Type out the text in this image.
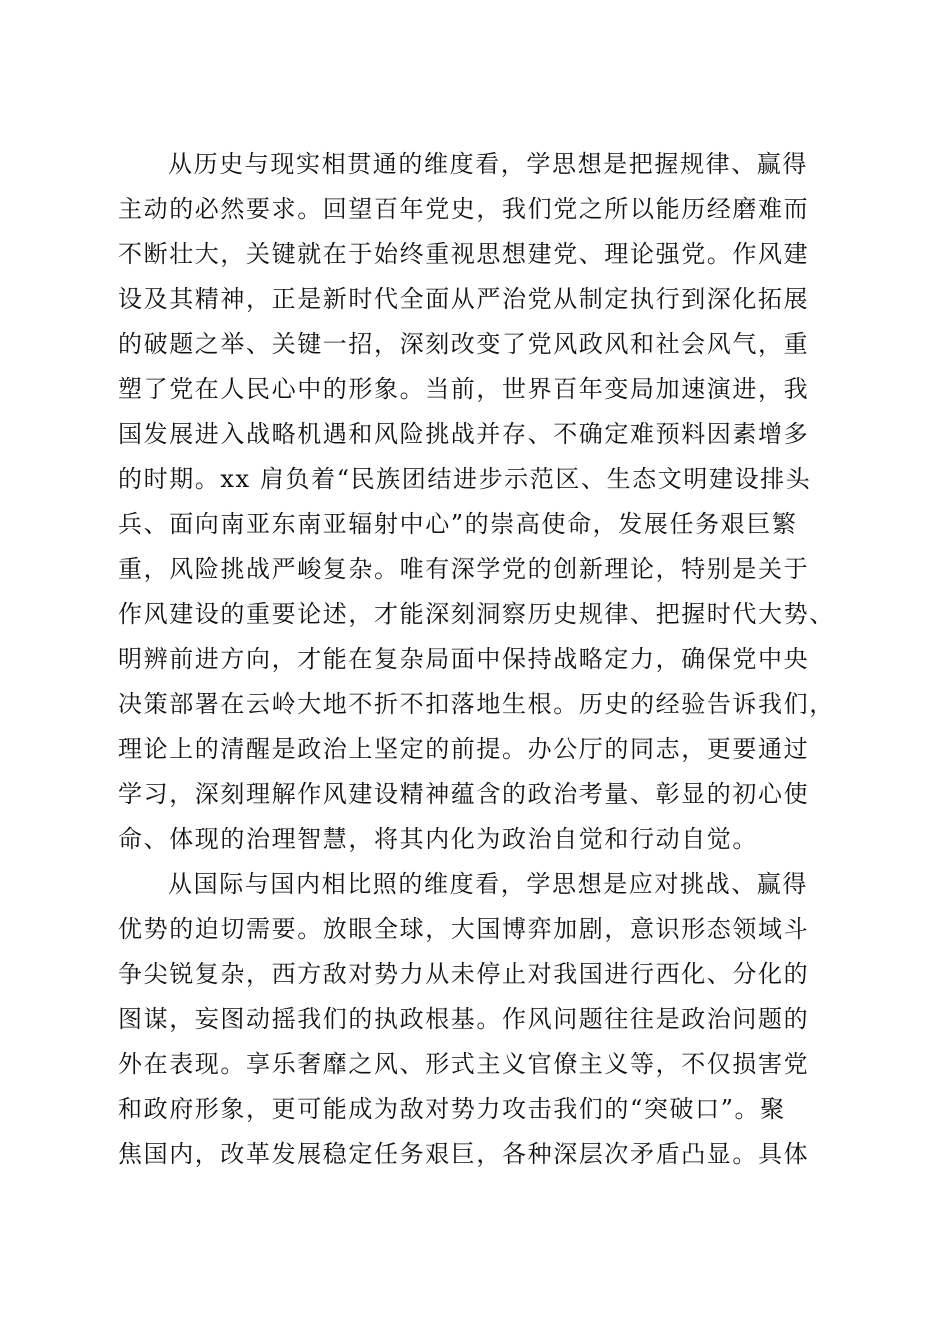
从历史与现实相贯通的维度看，学思想是把握规律、赢得
主动的必然要求。回望百年党史，我们党之所以能历经磨难而
不断壮大，关键就在于始终重视思想建党、理论强党。作风建
设及其精神，正是新时代全面从严治党从制定执行到深化拓展
的破题之举、关键一招，深刻改变了党风政风和社会风气，重
塑了党在人民心中的形象。当前，世界百年变局加速演进，我
国发展进入战略机遇和风险挑战并存、不确定难预料因素增多
的时期。xx 肩负着“民族团结进步示范区、生态文明建设排头
兵、面向南亚东南亚辐射中心”的崇高使命，发展任务艰巨繁
重，风险挑战严峻复杂。唯有深学党的创新理论，特别是关于
作风建设的重要论述，才能深刻洞察历史规律、把握时代大势、
明辨前进方向，才能在复杂局面中保持战略定力，确保党中央
决策部署在云岭大地不折不扣落地生根。历史的经验告诉我们，
理论上的清醒是政治上坚定的前提。办公厅的同志，更要通过
学习，深刻理解作风建设精神蕴含的政治考量、彰显的初心使
命、体现的治理智慧，将其内化为政治自觉和行动自觉。

从国际与国内相比照的维度看，学思想是应对挑战、赢得
优势的迫切需要。放眼全球，大国博弈加剧，意识形态领域斗
争尖锐复杂，西方敌对势力从未停止对我国进行西化、分化的
图谋，妄图动摇我们的执政根基。作风问题往往是政治问题的
外在表现。享乐奢靡之风、形式主义官僚主义等，不仅损害党
和政府形象，更可能成为敌对势力攻击我们的“突破口”。聚
焦国内，改革发展稳定任务艰巨，各种深层次矛盾凸显。具体
